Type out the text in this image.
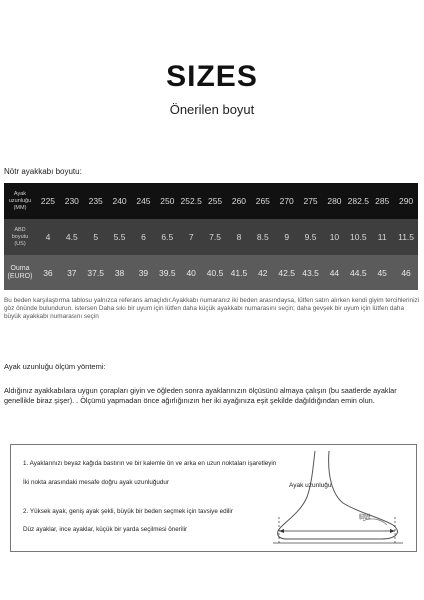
SIZES
Önerilen boyut
Nötr ayakkabı boyutu:
Ayak
uzunluğu
(MM)	225	230	235	240	245	250	252.5	255	260	265	270	275	280	282.5	285	290

ABD
boyutu
(US)	4	4.5	5	5.5	6	6.5	7	7.5	8	8.5	9	9.5	10	10.5	11	11.5

Ouma
(EURO)	36	37	37.5	38	39	39.5	40	40.5	41.5	42	42.5	43.5	44	44.5	45	46
Bu beden karşılaştırma tablosu yalnızca referans amaçlıdır.Ayakkabı numaranız iki beden arasındaysa, lütfen satın alırken kendi giyim tercihlerinizi göz önünde bulundurun. istersen Daha sıkı bir uyum için lütfen daha küçük ayakkabı numarasını seçin; daha gevşek bir uyum için lütfen daha büyük ayakkabı numarasını seçin
Ayak uzunluğu ölçüm yöntemi:
Aldığınız ayakkabılara uygun çorapları giyin ve öğleden sonra ayaklarınızın ölçüsünü almaya çalışın (bu saatlerde ayaklar genellikle biraz şişer). . Ölçümü yapmadan önce ağırlığınızın her iki ayağınıza eşit şekilde dağıldığından emin olun.
1. Ayaklarınızı beyaz kağıda bastırın ve bir kalemle ön ve arka en uzun noktaları işaretleyin
İki nokta arasındaki mesafe doğru ayak uzunluğudur
2. Yüksek ayak, geniş ayak şekli, büyük bir beden seçmek için tavsiye edilir
Düz ayaklar, ince ayaklar, küçük bir yarda seçilmesi önerilir
Ayak uzunluğu
脚趾
